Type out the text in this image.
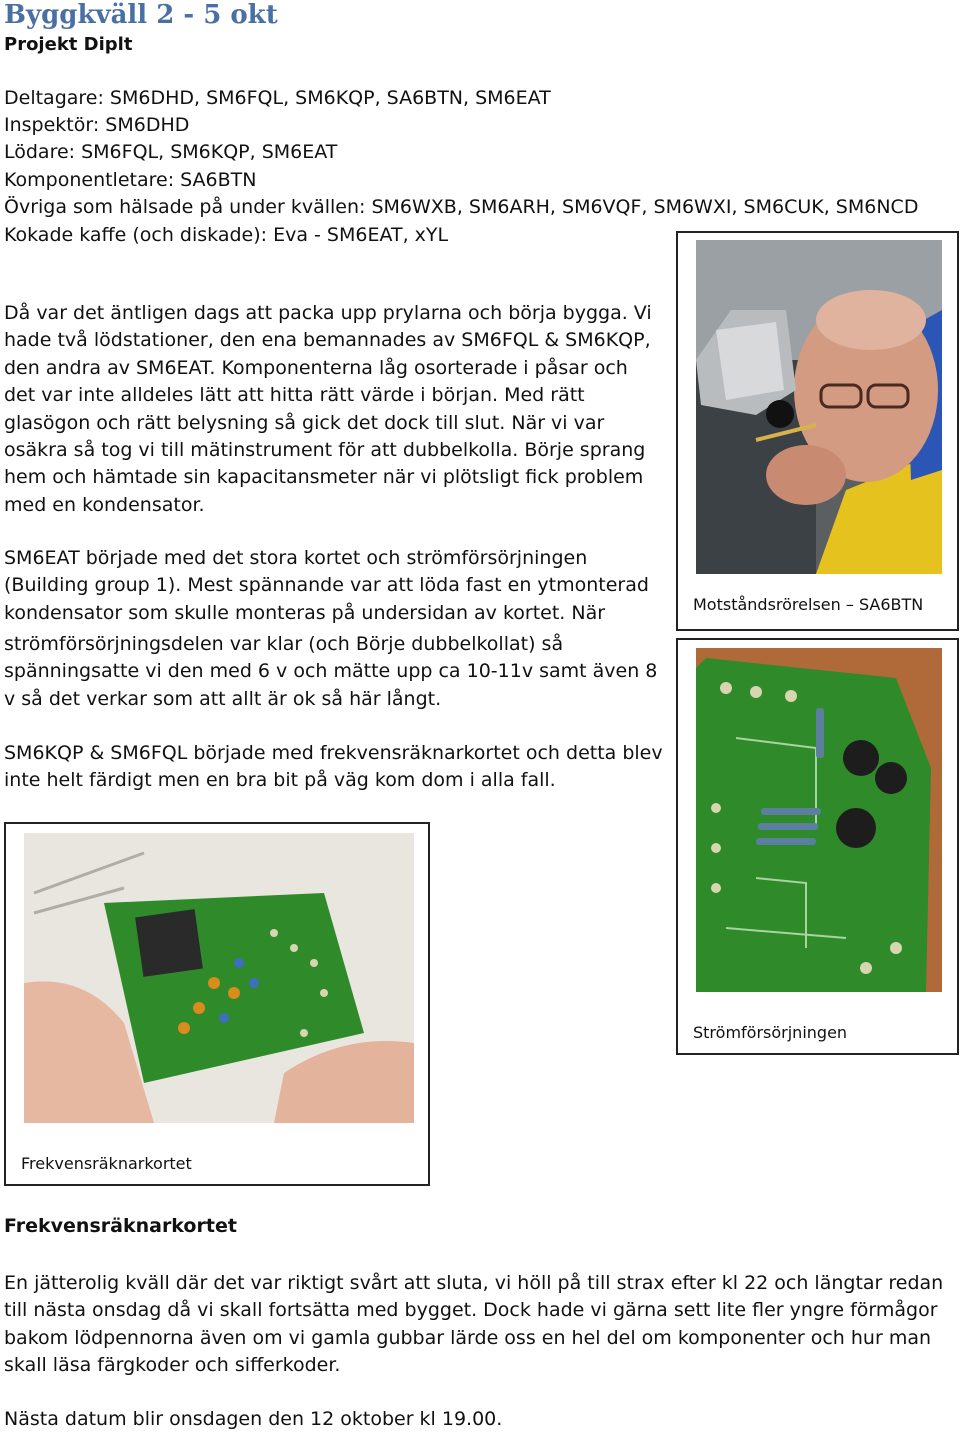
Byggkväll 2 - 5 okt
Projekt Diplt
Deltagare: SM6DHD, SM6FQL, SM6KQP, SA6BTN, SM6EAT
Inspektör: SM6DHD
Lödare: SM6FQL, SM6KQP, SM6EAT
Komponentletare: SA6BTN
Övriga som hälsade på under kvällen: SM6WXB, SM6ARH, SM6VQF, SM6WXI, SM6CUK, SM6NCD
Kokade kaffe (och diskade): Eva - SM6EAT, xYL
Då var det äntligen dags att packa upp prylarna och börja bygga. Vi hade två lödstationer, den ena bemannades av SM6FQL & SM6KQP, den andra av SM6EAT. Komponenterna låg osorterade i påsar och det var inte alldeles lätt att hitta rätt värde i början. Med rätt glasögon och rätt belysning så gick det dock till slut. När vi var osäkra så tog vi till mätinstrument för att dubbelkolla. Börje sprang hem och hämtade sin kapacitansmeter när vi plötsligt fick problem med en kondensator.
SM6EAT började med det stora kortet och strömförsörjningen (Building group 1). Mest spännande var att löda fast en ytmonterad kondensator som skulle monteras på undersidan av kortet. När
strömförsörjningsdelen var klar (och Börje dubbelkollat) så spänningsatte vi den med 6 v och mätte upp ca 10-11v samt även 8 v så det verkar som att allt är ok så här långt.
SM6KQP & SM6FQL började med frekvensräknarkortet och detta blev inte helt färdigt men en bra bit på väg kom dom i alla fall.
Motståndsrörelsen – SA6BTN
Strömförsörjningen
Frekvensräknarkortet
Frekvensräknarkortet
En jätterolig kväll där det var riktigt svårt att sluta, vi höll på till strax efter kl 22 och längtar redan till nästa onsdag då vi skall fortsätta med bygget. Dock hade vi gärna sett lite fler yngre förmågor bakom lödpennorna även om vi gamla gubbar lärde oss en hel del om komponenter och hur man skall läsa färgkoder och sifferkoder.
Nästa datum blir onsdagen den 12 oktober kl 19.00.
